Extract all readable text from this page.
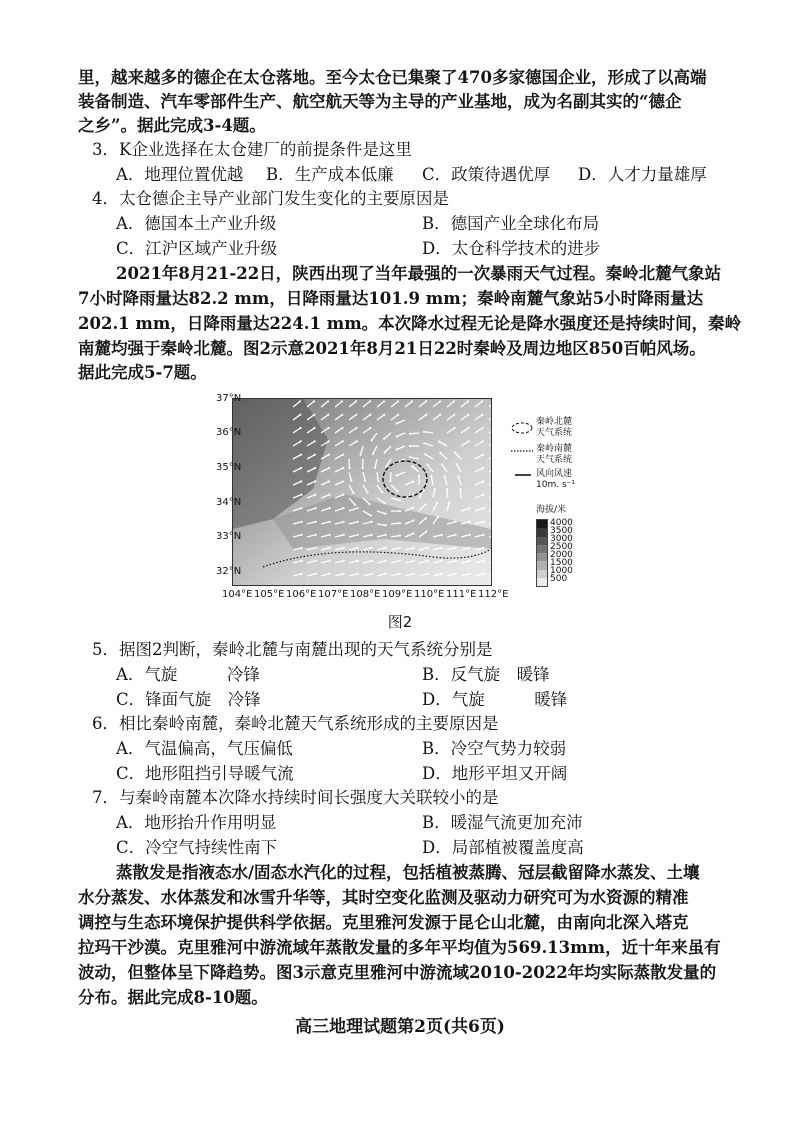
里，越来越多的德企在太仓落地。至今太仓已集聚了470多家德国企业，形成了以高端
装备制造、汽车零部件生产、航空航天等为主导的产业基地，成为名副其实的“德企
之乡”。据此完成3-4题。
3．K企业选择在太仓建厂的前提条件是这里
A．地理位置优越 B．生产成本低廉 C．政策待遇优厚 D．人才力量雄厚
4．太仓德企主导产业部门发生变化的主要原因是
A．德国本土产业升级	B．德国产业全球化布局
C．江沪区域产业升级	D．太仓科学技术的进步
2021年8月21-22日，陕西出现了当年最强的一次暴雨天气过程。秦岭北麓气象站
7小时降雨量达82.2 mm，日降雨量达101.9 mm；秦岭南麓气象站5小时降雨量达
202.1 mm，日降雨量达224.1 mm。本次降水过程无论是降水强度还是持续时间，秦岭
南麓均强于秦岭北麓。图2示意2021年8月21日22时秦岭及周边地区850百帕风场。
据此完成5-7题。
37°N
36°N
35°N
34°N
33°N
32°N
104°E 105°E 106°E 107°E 108°E 109°E 110°E 111°E 112°E
秦岭北麓
天气系统
秦岭南麓
天气系统
风向风速
10m. s⁻¹
海拔/米
4000
3500
3000
2500
2000
1500
1000
500
图2
5．据图2判断，秦岭北麓与南麓出现的天气系统分别是
A．气旋　　　冷锋	B．反气旋　暖锋
C．锋面气旋　冷锋	D．气旋　　　暖锋
6．相比秦岭南麓，秦岭北麓天气系统形成的主要原因是
A．气温偏高，气压偏低	B．冷空气势力较弱
C．地形阻挡引导暖气流	D．地形平坦又开阔
7．与秦岭南麓本次降水持续时间长强度大关联较小的是
A．地形抬升作用明显	B．暖湿气流更加充沛
C．冷空气持续性南下	D．局部植被覆盖度高
蒸散发是指液态水/固态水汽化的过程，包括植被蒸腾、冠层截留降水蒸发、土壤
水分蒸发、水体蒸发和冰雪升华等，其时空变化监测及驱动力研究可为水资源的精准
调控与生态环境保护提供科学依据。克里雅河发源于昆仑山北麓，由南向北深入塔克
拉玛干沙漠。克里雅河中游流域年蒸散发量的多年平均值为569.13mm，近十年来虽有
波动，但整体呈下降趋势。图3示意克里雅河中游流域2010-2022年均实际蒸散发量的
分布。据此完成8-10题。
高三地理试题第2页(共6页)
